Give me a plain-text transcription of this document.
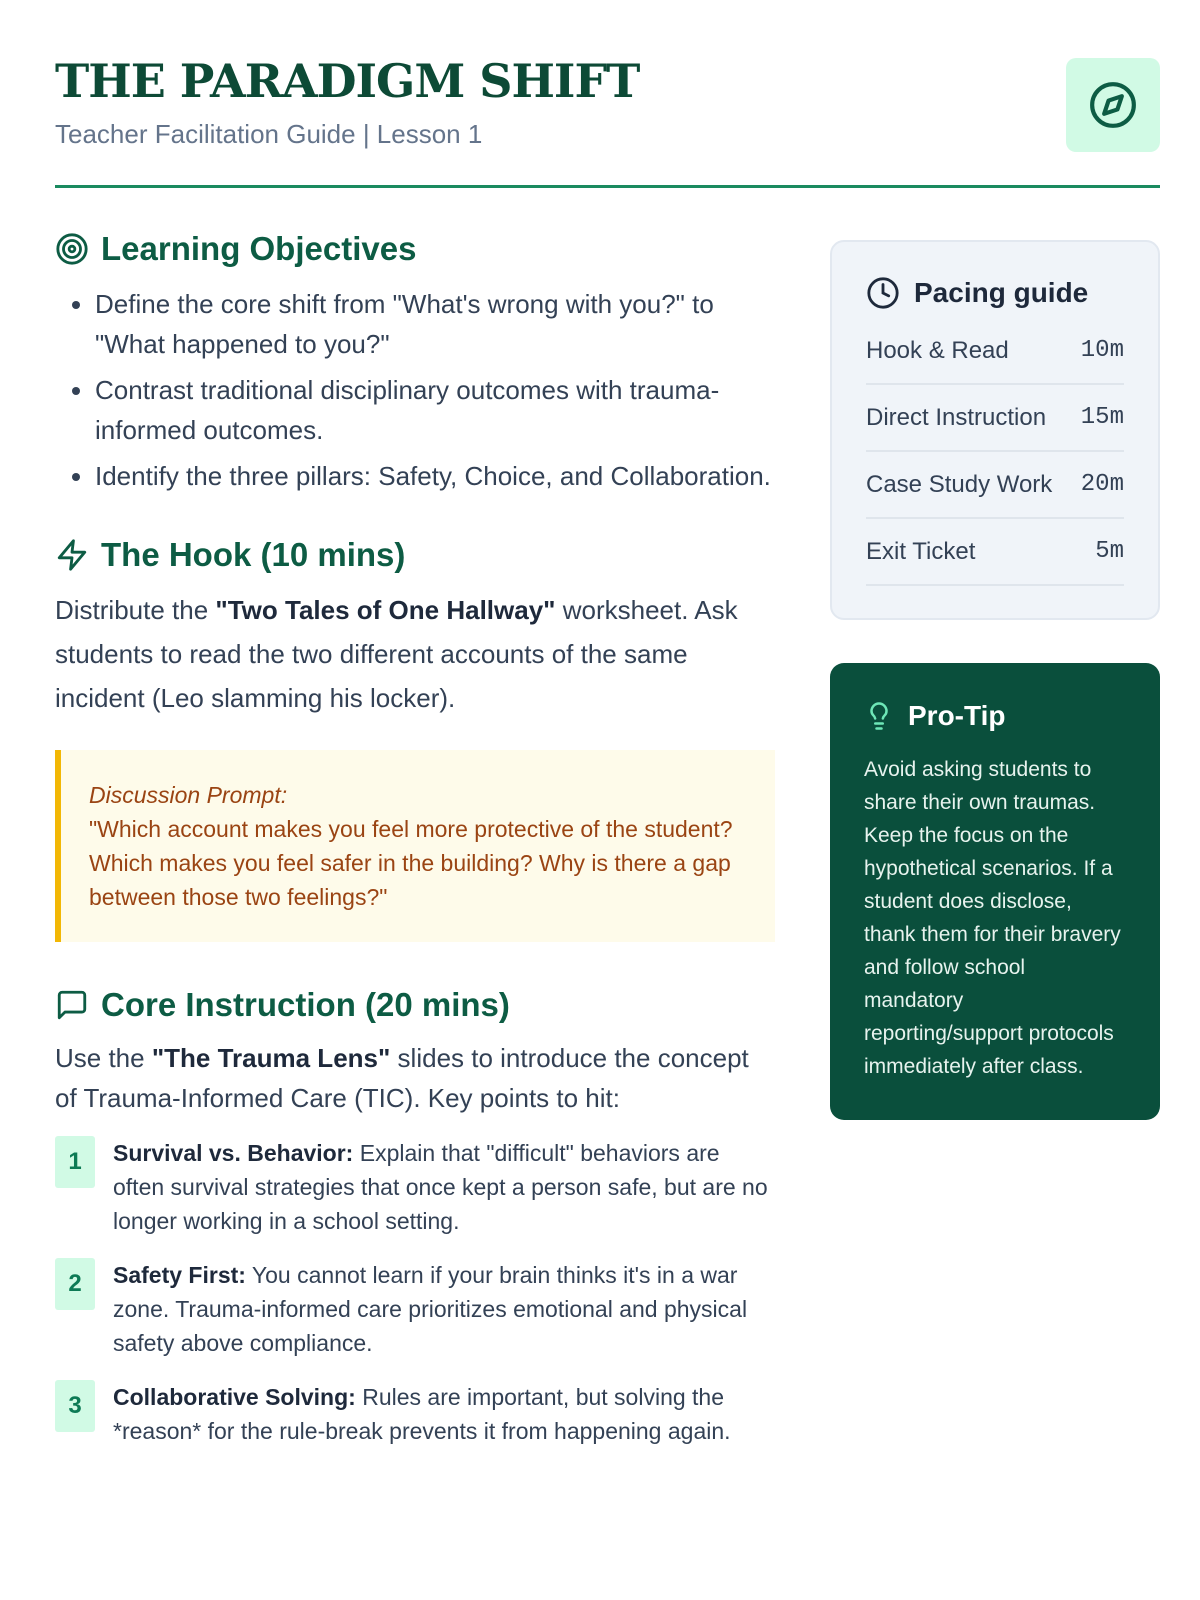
THE PARADIGM SHIFT
Teacher Facilitation Guide | Lesson 1
Learning Objectives
• Define the core shift from "What's wrong with you?" to "What happened to you?"
• Contrast traditional disciplinary outcomes with trauma-informed outcomes.
• Identify the three pillars: Safety, Choice, and Collaboration.
The Hook (10 mins)

Distribute the "Two Tales of One Hallway" worksheet. Ask students to read the two different accounts of the same incident (Leo slamming his locker).

Discussion Prompt:
"Which account makes you feel more protective of the student? Which makes you feel safer in the building? Why is there a gap between those two feelings?"
Core Instruction (20 mins)

Use the "The Trauma Lens" slides to introduce the concept of Trauma-Informed Care (TIC). Key points to hit:

1	Survival vs. Behavior: Explain that "difficult" behaviors are often survival strategies that once kept a person safe, but are no longer working in a school setting.
2	Safety First: You cannot learn if your brain thinks it's in a war zone. Trauma-informed care prioritizes emotional and physical safety above compliance.
3	Collaborative Solving: Rules are important, but solving the *reason* for the rule-break prevents it from happening again.
Pacing guide
Hook & Read	10m
Direct Instruction 15m
Case Study Work 20m
Exit Ticket	5m
Pro-Tip
Avoid asking students to share their own traumas. Keep the focus on the hypothetical scenarios. If a student does disclose, thank them for their bravery and follow school mandatory reporting/support protocols immediately after class.
